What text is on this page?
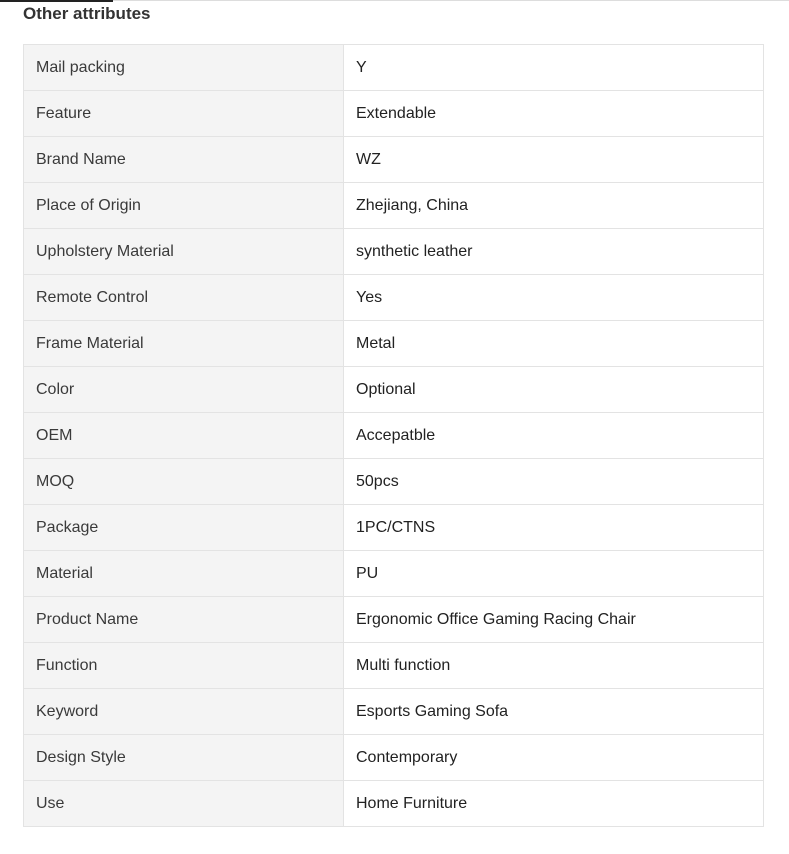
Other attributes
Mail packing	Y
Feature	Extendable
Brand Name	WZ
Place of Origin	Zhejiang, China
Upholstery Material	synthetic leather
Remote Control	Yes
Frame Material	Metal
Color	Optional
OEM	Accepatble
MOQ	50pcs
Package	1PC/CTNS
Material	PU
Product Name	Ergonomic Office Gaming Racing Chair
Function	Multi function
Keyword	Esports Gaming Sofa
Design Style	Contemporary
Use	Home Furniture
